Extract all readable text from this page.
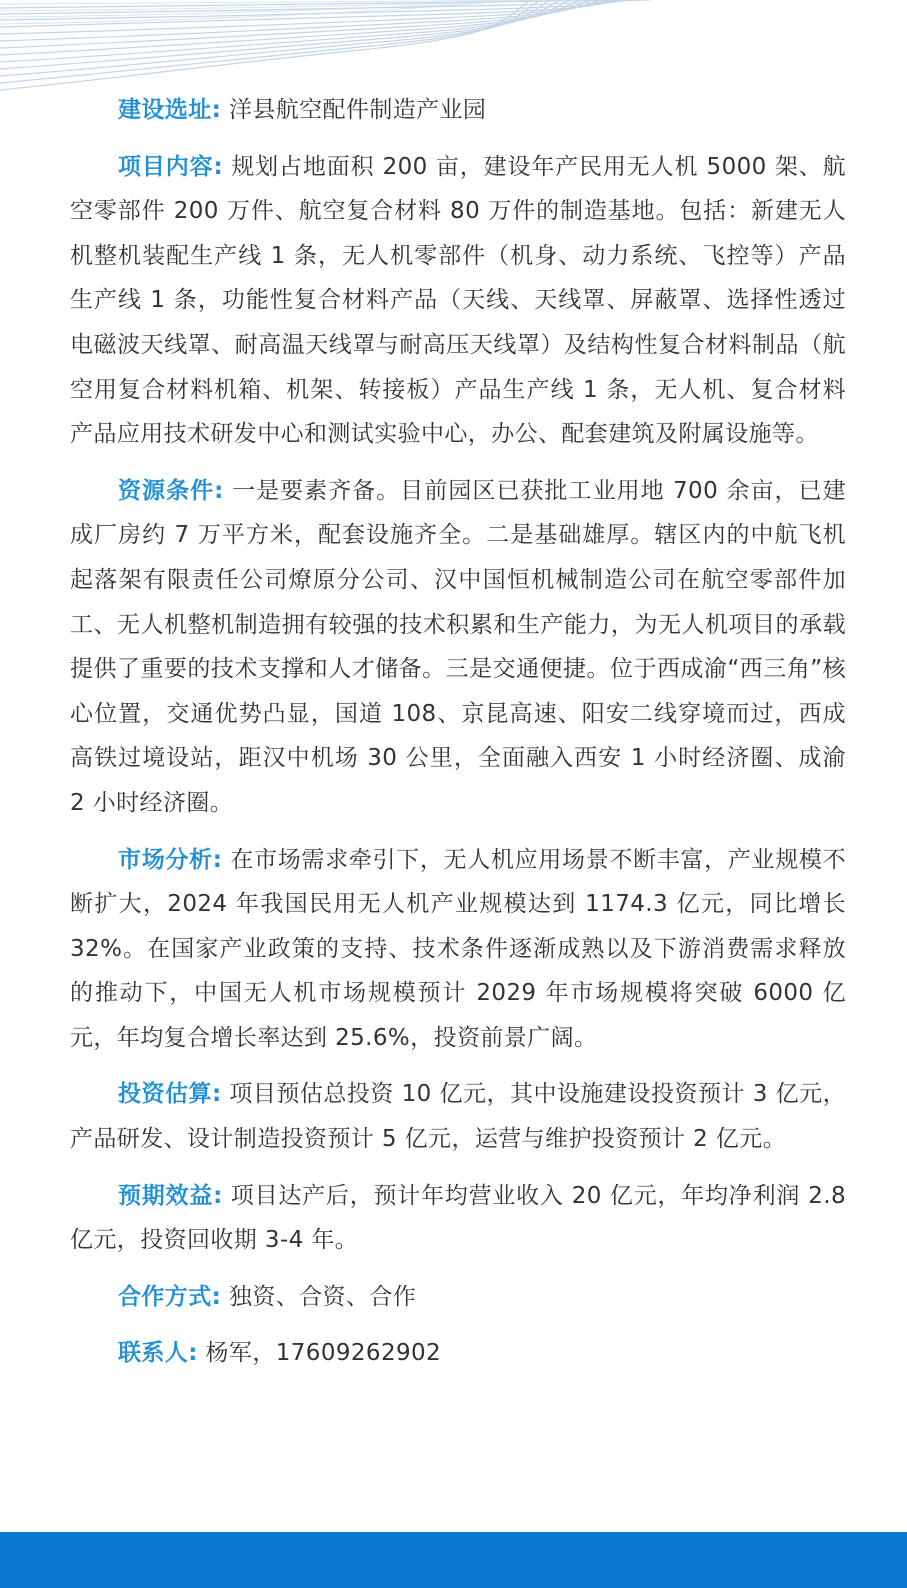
建设选址: 洋县航空配件制造产业园

项目内容: 规划占地面积 200 亩，建设年产民用无人机 5000 架、航空零部件 200 万件、航空复合材料 80 万件的制造基地。包括：新建无人机整机装配生产线 1 条，无人机零部件（机身、动力系统、飞控等）产品生产线 1 条，功能性复合材料产品（天线、天线罩、屏蔽罩、选择性透过电磁波天线罩、耐高温天线罩与耐高压天线罩）及结构性复合材料制品（航空用复合材料机箱、机架、转接板）产品生产线 1 条，无人机、复合材料产品应用技术研发中心和测试实验中心，办公、配套建筑及附属设施等。

资源条件: 一是要素齐备。目前园区已获批工业用地 700 余亩，已建成厂房约 7 万平方米，配套设施齐全。二是基础雄厚。辖区内的中航飞机起落架有限责任公司燎原分公司、汉中国恒机械制造公司在航空零部件加工、无人机整机制造拥有较强的技术积累和生产能力，为无人机项目的承载提供了重要的技术支撑和人才储备。三是交通便捷。位于西成渝“西三角”核心位置，交通优势凸显，国道 108、京昆高速、阳安二线穿境而过，西成高铁过境设站，距汉中机场 30 公里，全面融入西安 1 小时经济圈、成渝 2 小时经济圈。

市场分析: 在市场需求牵引下，无人机应用场景不断丰富，产业规模不断扩大，2024 年我国民用无人机产业规模达到 1174.3 亿元，同比增长 32%。在国家产业政策的支持、技术条件逐渐成熟以及下游消费需求释放的推动下，中国无人机市场规模预计 2029 年市场规模将突破 6000 亿元，年均复合增长率达到 25.6%，投资前景广阔。

投资估算: 项目预估总投资 10 亿元，其中设施建设投资预计 3 亿元，产品研发、设计制造投资预计 5 亿元，运营与维护投资预计 2 亿元。

预期效益: 项目达产后，预计年均营业收入 20 亿元，年均净利润 2.8 亿元，投资回收期 3-4 年。

合作方式: 独资、合资、合作

联系人: 杨军，17609262902
